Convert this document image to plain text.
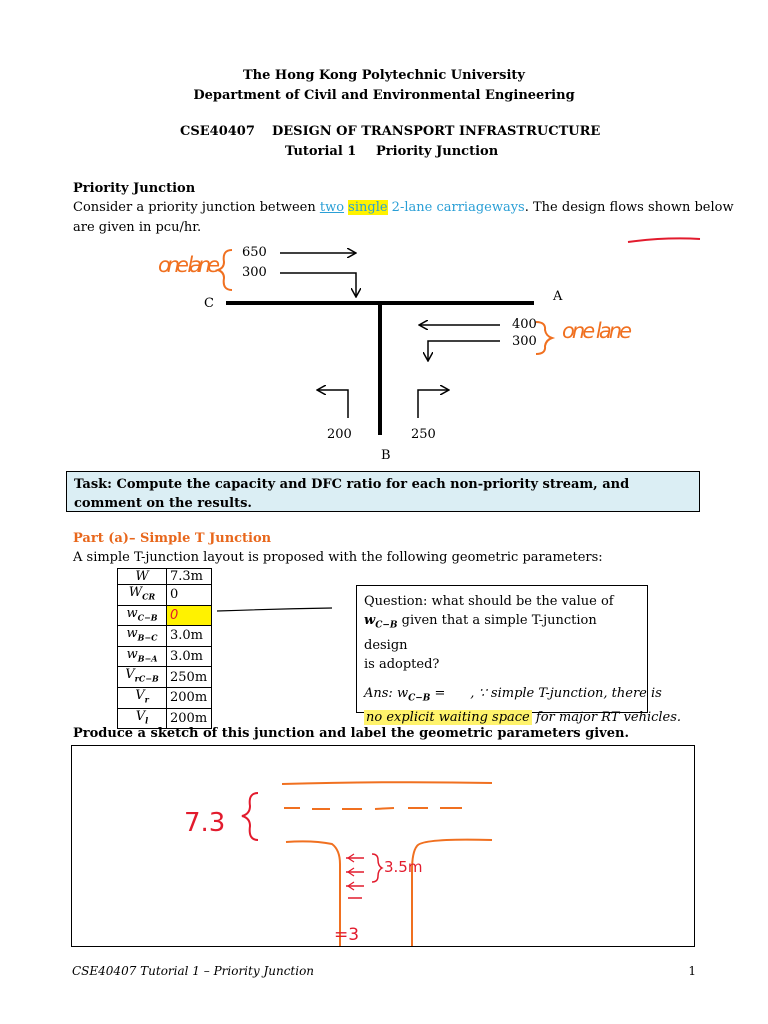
The Hong Kong Polytechnic University
Department of Civil and Environmental Engineering
CSE40407 DESIGN OF TRANSPORT INFRASTRUCTURE
Tutorial 1 Priority Junction
Priority Junction
Consider a priority junction between two single 2-lane carriageways. The design flows shown below
are given in pcu/hr.
650
300
400
300
200	250
A
B
C
one lane
one lane
Task: Compute the capacity and DFC ratio for each non-priority stream, and comment on the results.
Part (a)– Simple T Junction
A simple T-junction layout is proposed with the following geometric parameters:
W	7.3m
$W_{CR}$	0
$w_{C-B}$	0
$w_{B-C}$	3.0m
$w_{B-A}$	3.0m
$V_{rC-B}$	250m
$V_r$	200m
$V_l$	200m
Question: what should be the value of
$w_{C-B}$ given that a simple T-junction design
is adopted?
Ans: $w_{C-B}$ =      , ∵ simple T-junction, there is
no explicit waiting space for major RT vehicles.
Produce a sketch of this junction and label the geometric parameters given.
7.3
3.5m
=3
CSE40407 Tutorial 1 – Priority Junction	1
